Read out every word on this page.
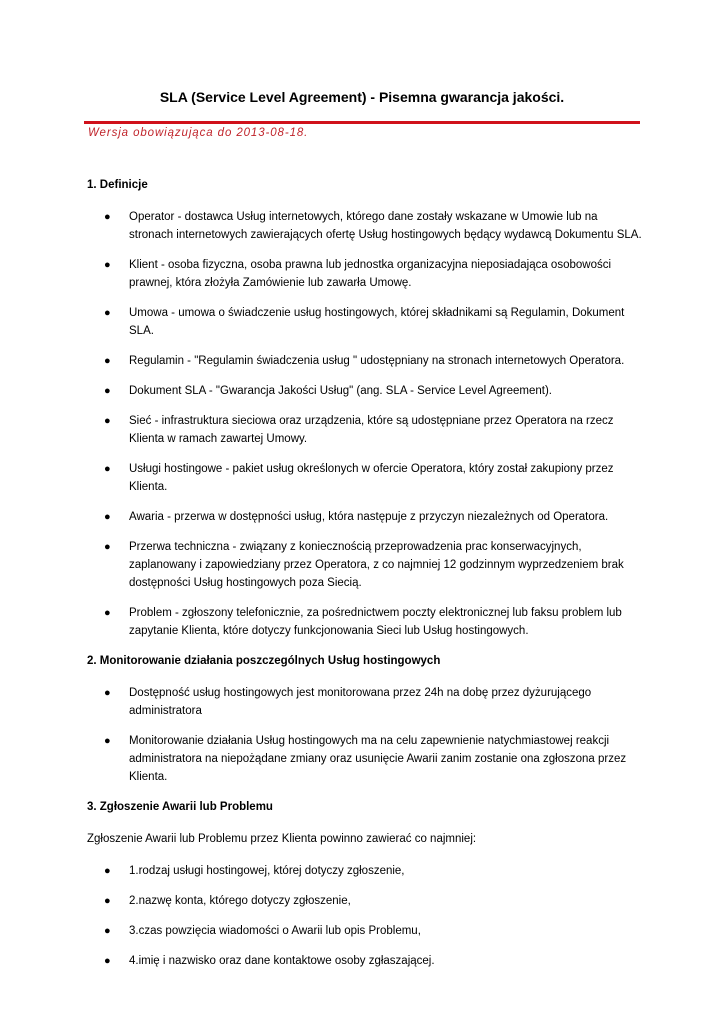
SLA (Service Level Agreement) - Pisemna gwarancja jakości.
Wersja obowiązująca do 2013-08-18.
1. Definicje
● Operator - dostawca Usług internetowych, którego dane zostały wskazane w Umowie lub na stronach internetowych zawierających ofertę Usług hostingowych będący wydawcą Dokumentu SLA.
● Klient - osoba fizyczna, osoba prawna lub jednostka organizacyjna nieposiadająca osobowości prawnej, która złożyła Zamówienie lub zawarła Umowę.
● Umowa - umowa o świadczenie usług hostingowych, której składnikami są Regulamin, Dokument SLA.
● Regulamin - "Regulamin świadczenia usług " udostępniany na stronach internetowych Operatora.
● Dokument SLA - "Gwarancja Jakości Usług" (ang. SLA - Service Level Agreement).
● Sieć - infrastruktura sieciowa oraz urządzenia, które są udostępniane przez Operatora na rzecz Klienta w ramach zawartej Umowy.
● Usługi hostingowe - pakiet usług określonych w ofercie Operatora, który został zakupiony przez Klienta.
● Awaria - przerwa w dostępności usług, która następuje z przyczyn niezależnych od Operatora.
● Przerwa techniczna - związany z koniecznością przeprowadzenia prac konserwacyjnych, zaplanowany i zapowiedziany przez Operatora, z co najmniej 12 godzinnym wyprzedzeniem brak dostępności Usług hostingowych poza Siecią.
● Problem - zgłoszony telefonicznie, za pośrednictwem poczty elektronicznej lub faksu problem lub zapytanie Klienta, które dotyczy funkcjonowania Sieci lub Usług hostingowych.
2. Monitorowanie działania poszczególnych Usług hostingowych
● Dostępność usług hostingowych jest monitorowana przez 24h na dobę przez dyżurującego administratora
● Monitorowanie działania Usług hostingowych ma na celu zapewnienie natychmiastowej reakcji administratora na niepożądane zmiany oraz usunięcie Awarii zanim zostanie ona zgłoszona przez Klienta.
3. Zgłoszenie Awarii lub Problemu

Zgłoszenie Awarii lub Problemu przez Klienta powinno zawierać co najmniej:

● 1.rodzaj usługi hostingowej, której dotyczy zgłoszenie,
● 2.nazwę konta, którego dotyczy zgłoszenie,
● 3.czas powzięcia wiadomości o Awarii lub opis Problemu,
● 4.imię i nazwisko oraz dane kontaktowe osoby zgłaszającej.
